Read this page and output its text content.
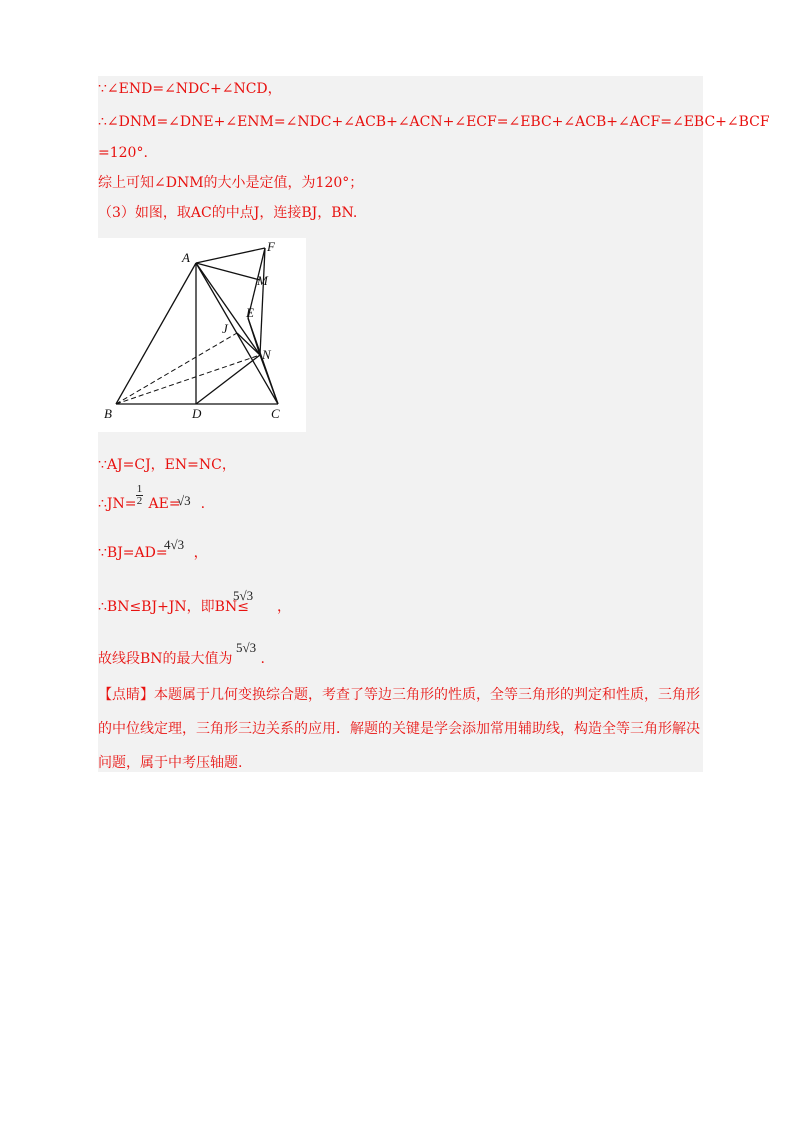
∵∠END=∠NDC+∠NCD，
∴∠DNM=∠DNE+∠ENM=∠NDC+∠ACB+∠ACN+∠ECF=∠EBC+∠ACB+∠ACF=∠EBC+∠BCF
=120°.
综上可知∠DNM的大小是定值，为120°；
（3）如图，取AC的中点J，连接BJ，BN.
A
F
M
E
J
N
B	D	C
∵AJ=CJ，EN=NC，
∴JN= AE= .
1
2	√3
∵BJ=AD= ，
4√3
∴BN≤BJ+JN，即BN≤ ，
5√3
故线段BN的最大值为 .
5√3
【点睛】本题属于几何变换综合题，考查了等边三角形的性质，全等三角形的判定和性质，三角形的中位线定理，三角形三边关系的应用．解题的关键是学会添加常用辅助线，构造全等三角形解决问题，属于中考压轴题.
